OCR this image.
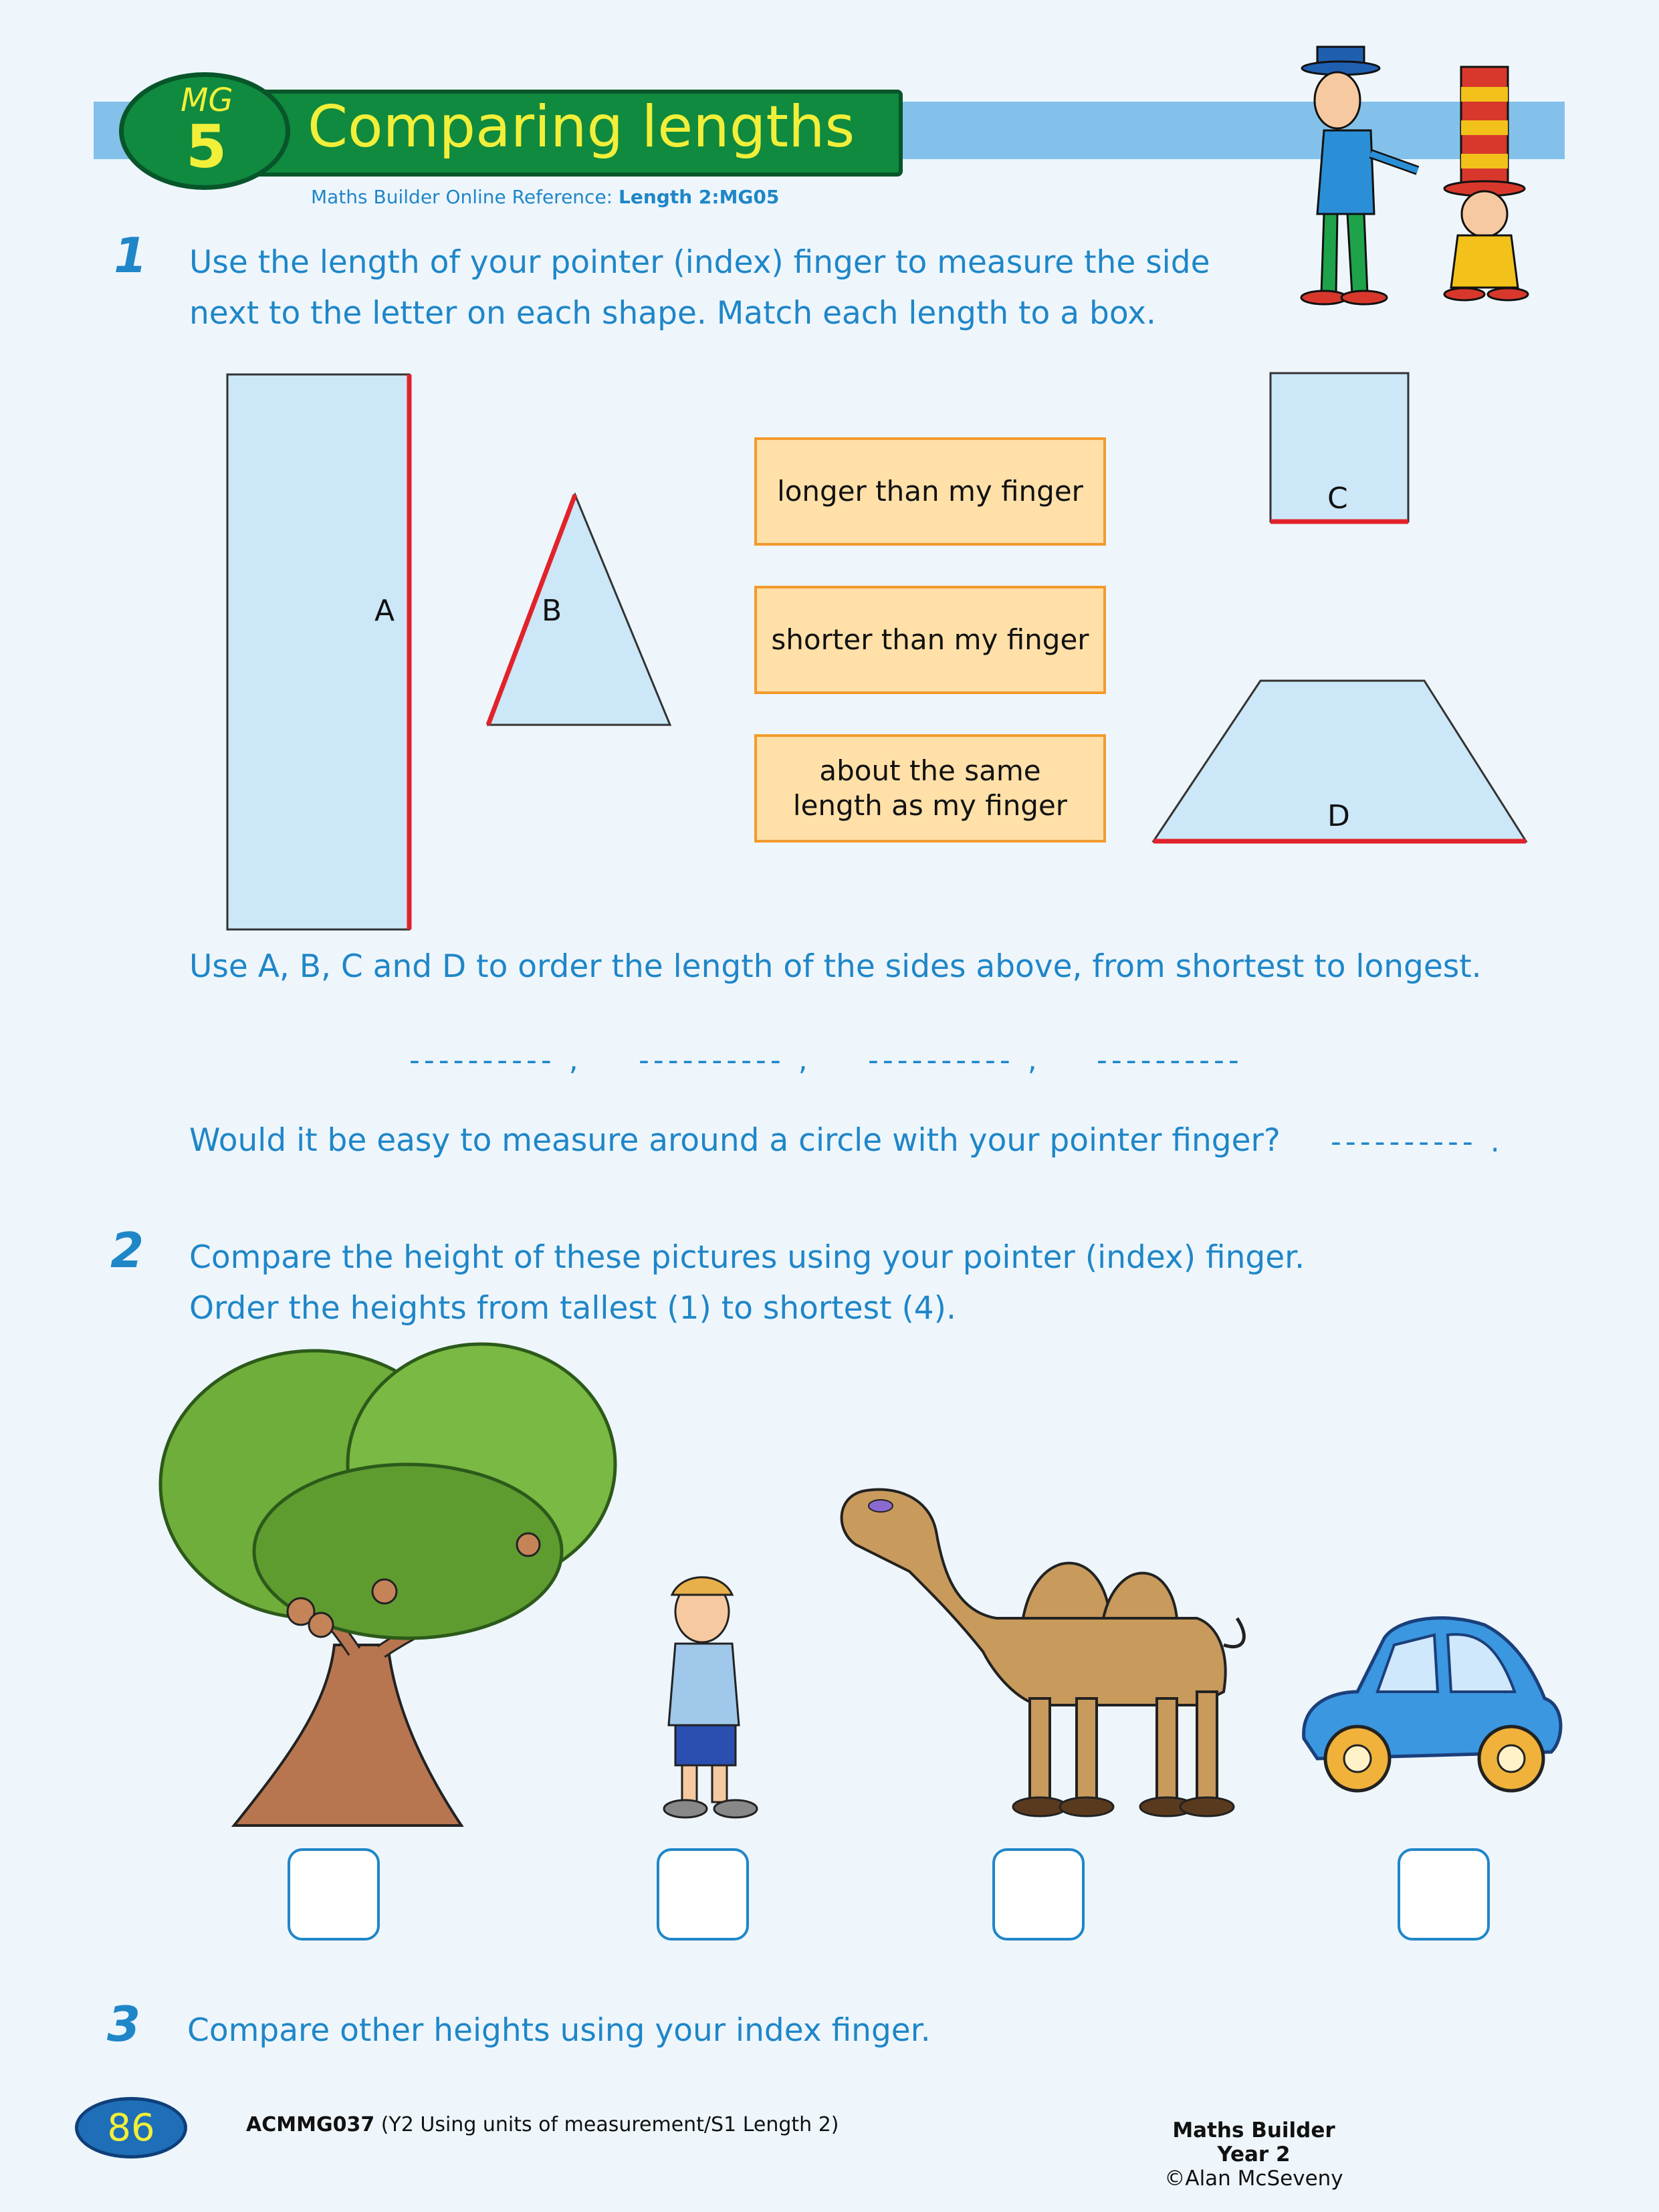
Comparing lengths
MG
5
Maths Builder Online Reference: Length 2:MG05
1 Use the length of your pointer (index) finger to measure the side
next to the letter on each shape. Match each length to a box.
A	B
C
D
longer than my finger
shorter than my finger
about the same length as my finger
Use A, B, C and D to order the length of the sides above, from shortest to longest.
---------- , ---------- , ---------- , ----------
Would it be easy to measure around a circle with your pointer finger? ---------- .
2 Compare the height of these pictures using your pointer (index) finger.
Order the heights from tallest (1) to shortest (4).
3 Compare other heights using your index finger.
86	ACMMG037 (Y2 Using units of measurement/S1 Length 2)	Maths Builder Year 2
©Alan McSeveny
